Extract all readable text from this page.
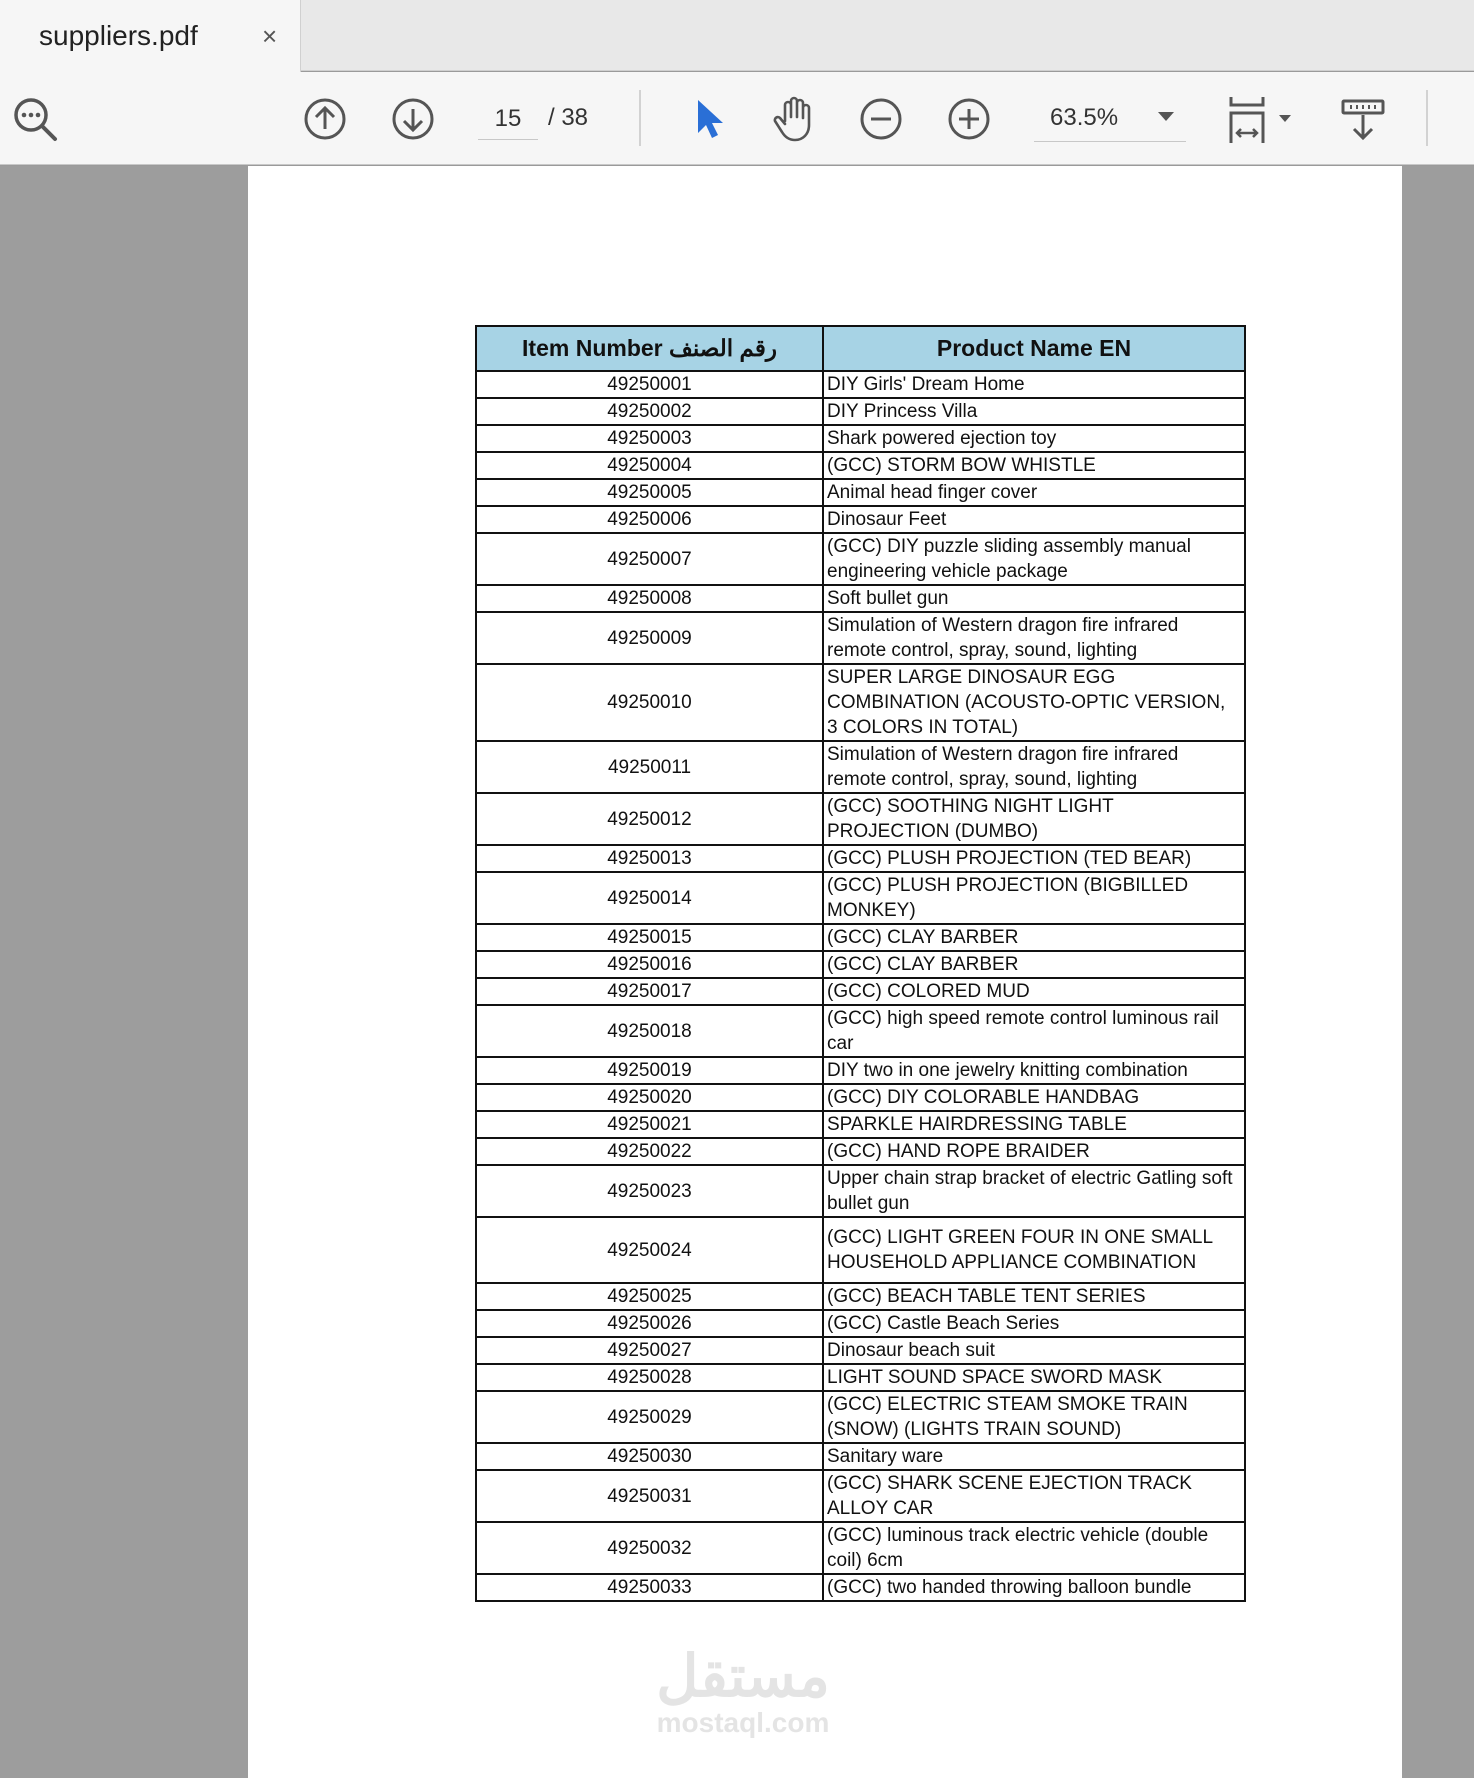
suppliers.pdf ×
15
/ 38	63.5%
Item Number رقم الصنف	Product Name EN
49250001	DIY Girls' Dream Home
49250002	DIY Princess Villa
49250003	Shark powered ejection toy
49250004	(GCC) STORM BOW WHISTLE
49250005	Animal head finger cover
49250006	Dinosaur Feet
49250007	(GCC) DIY puzzle sliding assembly manual engineering vehicle package
49250008	Soft bullet gun
49250009	Simulation of Western dragon fire infrared remote control, spray, sound, lighting
49250010	SUPER LARGE DINOSAUR EGG COMBINATION (ACOUSTO-OPTIC VERSION, 3 COLORS IN TOTAL)
49250011	Simulation of Western dragon fire infrared remote control, spray, sound, lighting
49250012	(GCC) SOOTHING NIGHT LIGHT PROJECTION (DUMBO)
49250013	(GCC) PLUSH PROJECTION (TED BEAR)
49250014	(GCC) PLUSH PROJECTION (BIGBILLED MONKEY)
49250015	(GCC) CLAY BARBER
49250016	(GCC) CLAY BARBER
49250017	(GCC) COLORED MUD
49250018	(GCC) high speed remote control luminous rail car
49250019	DIY two in one jewelry knitting combination
49250020	(GCC) DIY COLORABLE HANDBAG
49250021	SPARKLE HAIRDRESSING TABLE
49250022	(GCC) HAND ROPE BRAIDER
49250023	Upper chain strap bracket of electric Gatling soft bullet gun
49250024	(GCC) LIGHT GREEN FOUR IN ONE SMALL HOUSEHOLD APPLIANCE COMBINATION
49250025	(GCC) BEACH TABLE TENT SERIES
49250026	(GCC) Castle Beach Series
49250027	Dinosaur beach suit
49250028	LIGHT SOUND SPACE SWORD MASK
49250029	(GCC) ELECTRIC STEAM SMOKE TRAIN (SNOW) (LIGHTS TRAIN SOUND)
49250030	Sanitary ware
49250031	(GCC) SHARK SCENE EJECTION TRACK ALLOY CAR
49250032	(GCC) luminous track electric vehicle (double coil) 6cm
49250033	(GCC) two handed throwing balloon bundle
مستقل
mostaql.com
